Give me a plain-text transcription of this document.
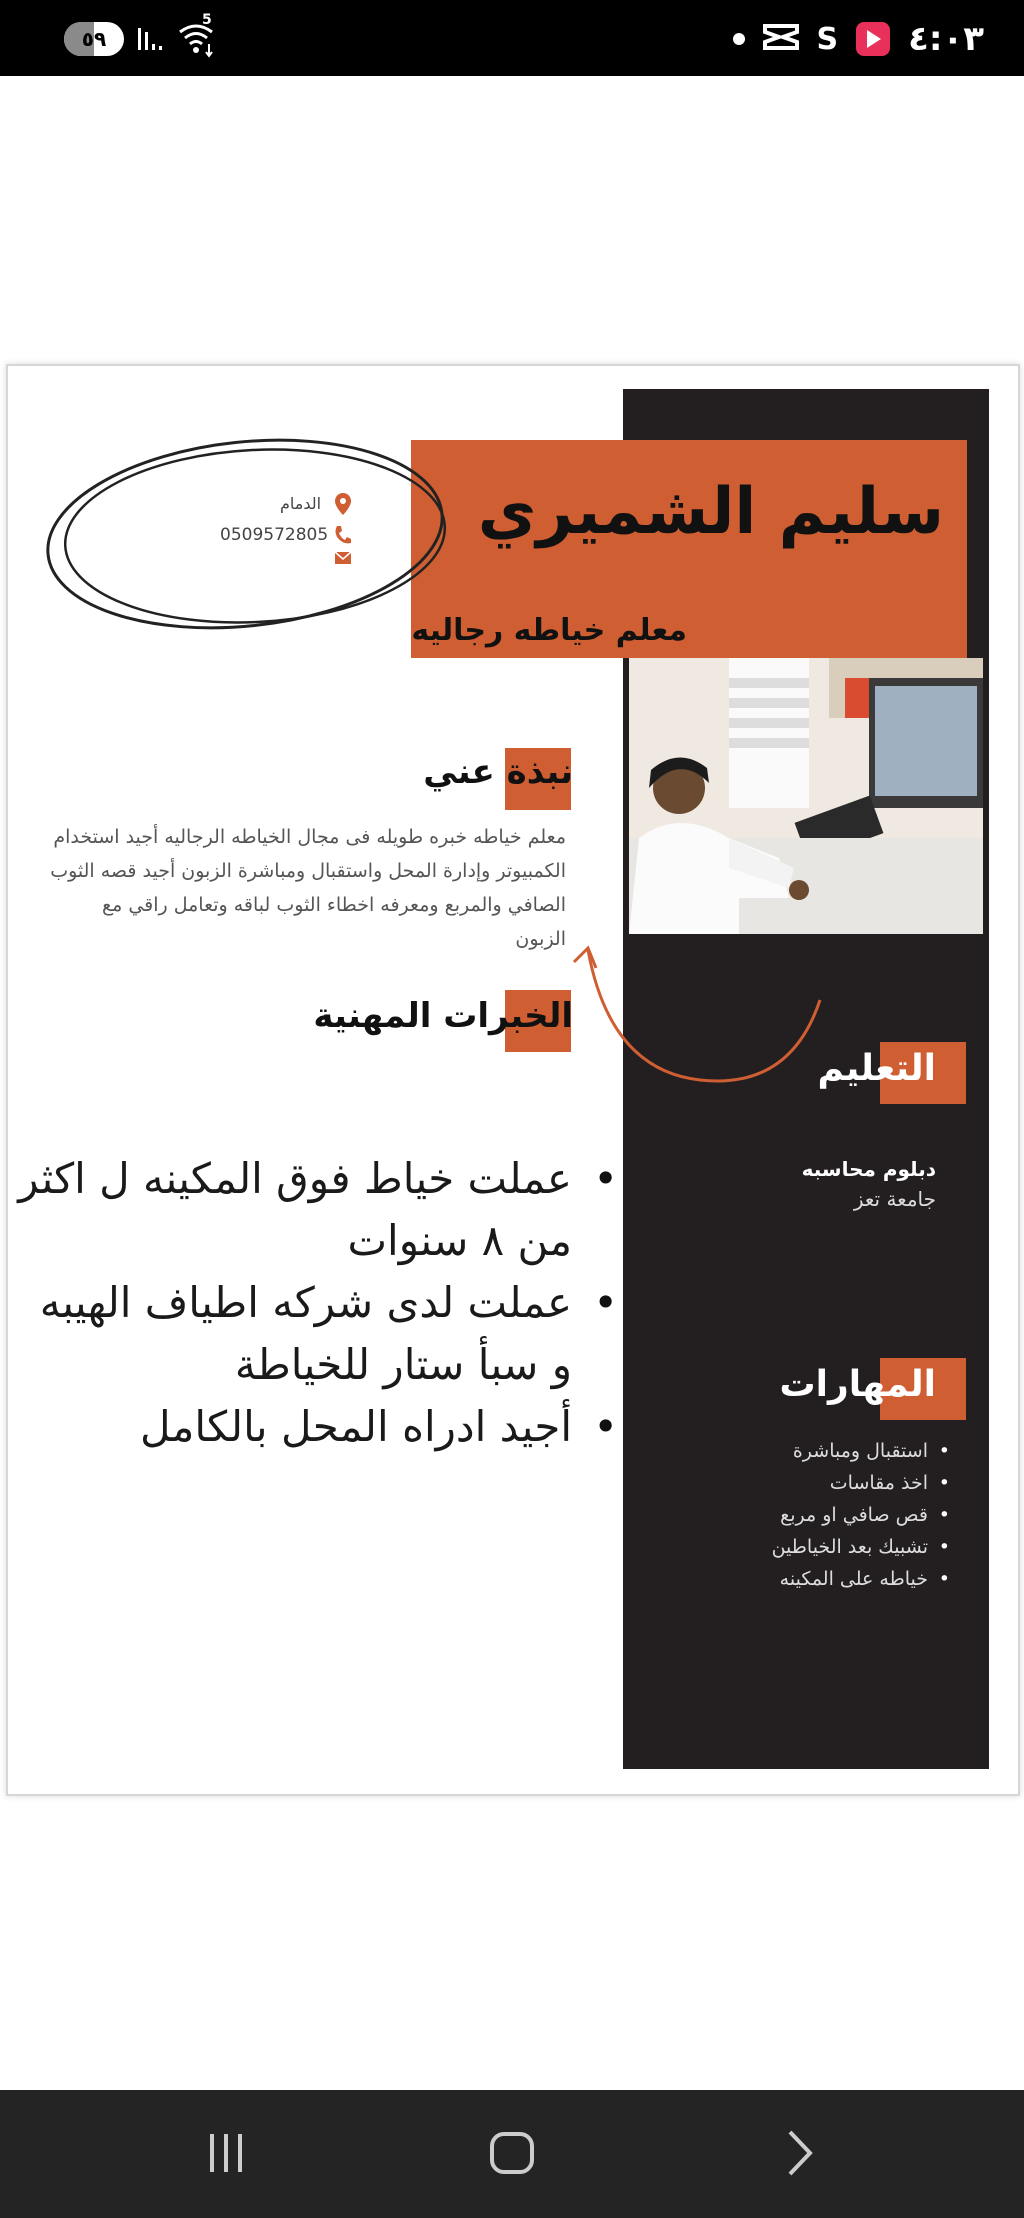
٥٩
5
S ٤:٠٣
سليم الشميري
معلم خياطه رجاليه
الدمام
0509572805
نبذة عني
معلم خياطه خبره طويله فى مجال الخياطه الرجاليه أجيد استخدام الكمبيوتر وإدارة المحل واستقبال ومباشرة الزبون أجيد قصه الثوب الصافي والمربع ومعرفه اخطاء الثوب لباقه وتعامل راقي مع الزبون
الخبرات المهنية
•
عملت خياط فوق المكينه ل اكثر من ٨ سنوات
•
عملت لدى شركه اطياف الهيبه و سبأ ستار للخياطة
•
أجيد ادراه المحل بالكامل
التعليم
دبلوم محاسبه
جامعة تعز
المهارات
•
استقبال ومباشرة
•
اخذ مقاسات
•
قص صافي او مربع
•
تشبيك بعد الخياطين
•
خياطه على المكينه
